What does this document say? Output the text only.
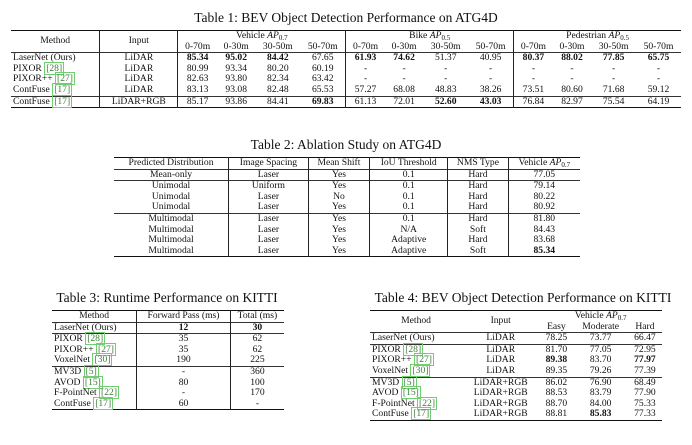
Table 1: BEV Object Detection Performance on ATG4D
Method	Input	Vehicle $AP_{0.7}$				Bike $AP_{0.5}$				Pedestrian $AP_{0.5}$
		0-70m	0-30m	30-50m	50-70m	0-70m	0-30m	30-50m	50-70m	0-70m	0-30m	30-50m	50-70m
LaserNet (Ours)	LiDAR	85.34	95.02	84.42	67.65	61.93	74.62	51.37	40.95	80.37	88.02	77.85	65.75
PIXOR [28]	LiDAR	80.99	93.34	80.20	60.19	-	-	-	-	-	-	-	-
PIXOR++ [27]	LiDAR	82.63	93.80	82.34	63.42	-	-	-	-	-	-	-	-
ContFuse [17]	LiDAR	83.13	93.08	82.48	65.53	57.27	68.08	48.83	38.26	73.51	80.60	71.68	59.12
ContFuse [17]	LiDAR+RGB	85.17	93.86	84.41	69.83	61.13	72.01	52.60	43.03	76.84	82.97	75.54	64.19
Table 2: Ablation Study on ATG4D
Predicted Distribution	Image Spacing	Mean Shift	IoU Threshold	NMS Type	Vehicle $AP_{0.7}$
Mean-only	Laser	Yes	0.1	Hard	77.05
Unimodal	Uniform	Yes	0.1	Hard	79.14
Unimodal	Laser	No	0.1	Hard	80.22
Unimodal	Laser	Yes	0.1	Hard	80.92
Multimodal	Laser	Yes	0.1	Hard	81.80
Multimodal	Laser	Yes	N/A	Soft	84.43
Multimodal	Laser	Yes	Adaptive	Hard	83.68
Multimodal	Laser	Yes	Adaptive	Soft	85.34
Table 3: Runtime Performance on KITTI
Method	Forward Pass (ms)	Total (ms)
LaserNet (Ours)	12	30
PIXOR [28]	35	62
PIXOR++ [27]	35	62
VoxelNet [30]	190	225
MV3D [5]	-	360
AVOD [15]	80	100
F-PointNet [22]	-	170
ContFuse [17]	60	-
Table 4: BEV Object Detection Performance on KITTI
Method	Input	Vehicle $AP_{0.7}$
		Easy	Moderate	Hard
LaserNet (Ours)	LiDAR	78.25	73.77	66.47
PIXOR [28]	LiDAR	81.70	77.05	72.95
PIXOR++ [27]	LiDAR	89.38	83.70	77.97
VoxelNet [30]	LiDAR	89.35	79.26	77.39
MV3D [5]	LiDAR+RGB	86.02	76.90	68.49
AVOD [15]	LiDAR+RGB	88.53	83.79	77.90
F-PointNet [22]	LiDAR+RGB	88.70	84.00	75.33
ContFuse [17]	LiDAR+RGB	88.81	85.83	77.33
